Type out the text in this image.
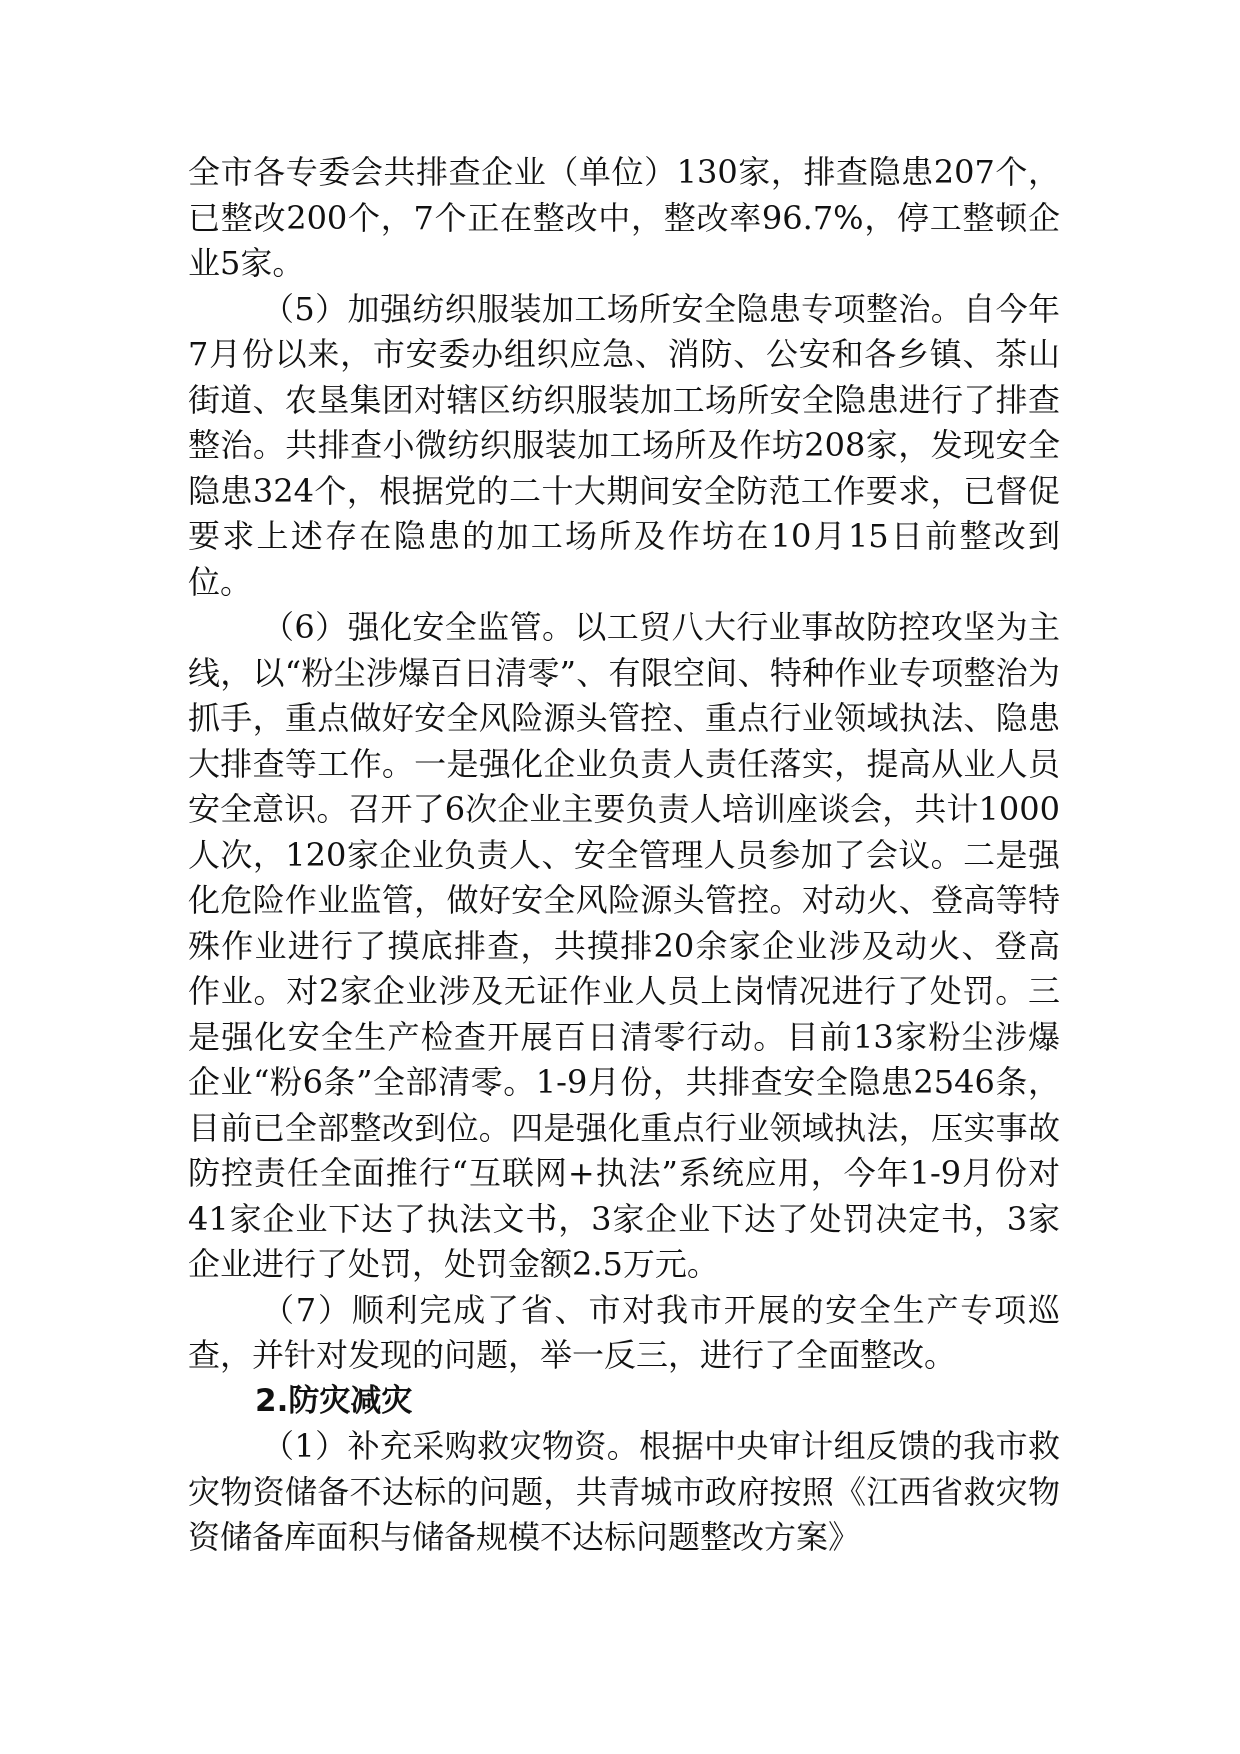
全市各专委会共排查企业（单位）130家，排查隐患207个，已整改200个，7个正在整改中，整改率96.7%，停工整顿企业5家。

（5）加强纺织服装加工场所安全隐患专项整治。自今年7月份以来，市安委办组织应急、消防、公安和各乡镇、茶山街道、农垦集团对辖区纺织服装加工场所安全隐患进行了排查整治。共排查小微纺织服装加工场所及作坊208家，发现安全隐患324个，根据党的二十大期间安全防范工作要求，已督促要求上述存在隐患的加工场所及作坊在10月15日前整改到位。

（6）强化安全监管。以工贸八大行业事故防控攻坚为主线，以“粉尘涉爆百日清零”、有限空间、特种作业专项整治为抓手，重点做好安全风险源头管控、重点行业领域执法、隐患大排查等工作。一是强化企业负责人责任落实，提高从业人员安全意识。召开了6次企业主要负责人培训座谈会，共计1000人次，120家企业负责人、安全管理人员参加了会议。二是强化危险作业监管，做好安全风险源头管控。对动火、登高等特殊作业进行了摸底排查，共摸排20余家企业涉及动火、登高作业。对2家企业涉及无证作业人员上岗情况进行了处罚。三是强化安全生产检查开展百日清零行动。目前13家粉尘涉爆企业“粉6条”全部清零。1-9月份，共排查安全隐患2546条，目前已全部整改到位。四是强化重点行业领域执法，压实事故防控责任全面推行“互联网+执法”系统应用，今年1-9月份对41家企业下达了执法文书，3家企业下达了处罚决定书，3家企业进行了处罚，处罚金额2.5万元。

（7）顺利完成了省、市对我市开展的安全生产专项巡查，并针对发现的问题，举一反三，进行了全面整改。

2.防灾减灾

（1）补充采购救灾物资。根据中央审计组反馈的我市救灾物资储备不达标的问题，共青城市政府按照《江西省救灾物资储备库面积与储备规模不达标问题整改方案》
